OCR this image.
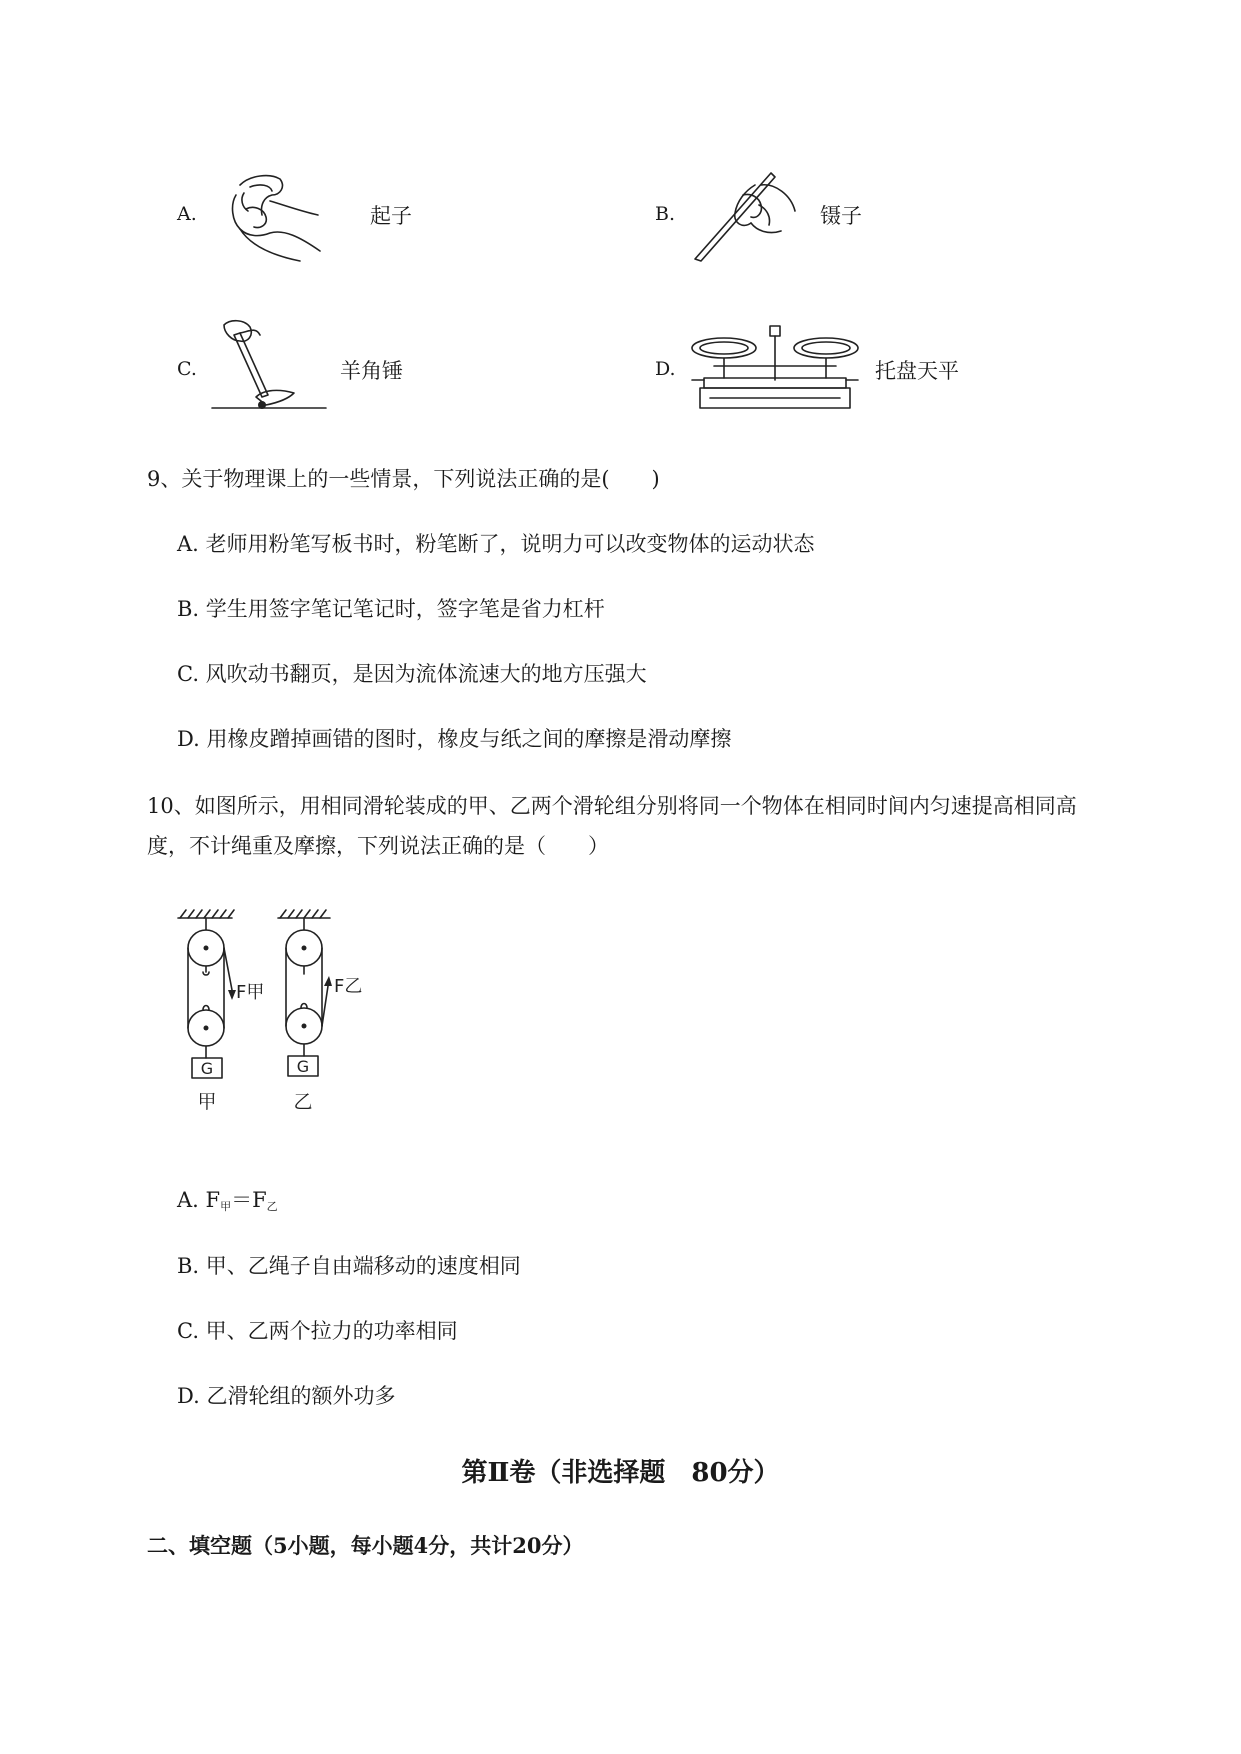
A.	起子	B.	镊子
C.	羊角锤	D.	托盘天平
9、关于物理课上的一些情景，下列说法正确的是(　　)
A. 老师用粉笔写板书时，粉笔断了，说明力可以改变物体的运动状态
B. 学生用签字笔记笔记时，签字笔是省力杠杆
C. 风吹动书翻页，是因为流体流速大的地方压强大
D. 用橡皮蹭掉画错的图时，橡皮与纸之间的摩擦是滑动摩擦
10、如图所示，用相同滑轮装成的甲、乙两个滑轮组分别将同一个物体在相同时间内匀速提高相同高
度，不计绳重及摩擦，下列说法正确的是（　　）
F甲
G
甲
F乙
G
乙
A. $F_甲=F_乙$
B. 甲、乙绳子自由端移动的速度相同
C. 甲、乙两个拉力的功率相同
D. 乙滑轮组的额外功多
第Ⅱ卷（非选择题　80分）
二、填空题（5小题，每小题4分，共计20分）
